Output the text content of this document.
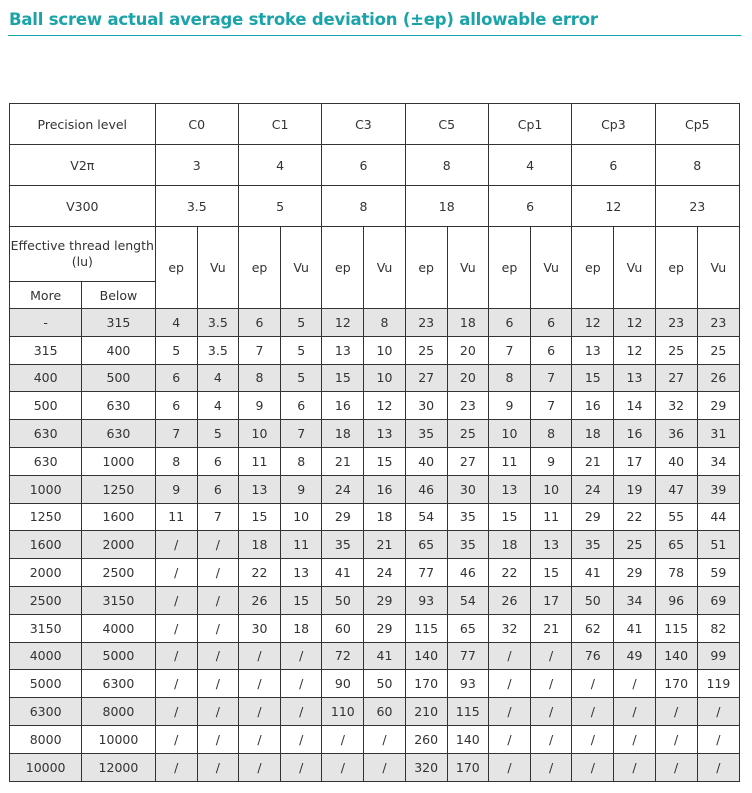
Ball screw actual average stroke deviation (±ep) allowable error
Precision level		C0		C1		C3		C5		Cp1		Cp3		Cp5	
V2π		3		4		6		8		4		6		8	
V300		3.5		5		8		18		6		12		23	
Effective thread length (lu)		ep	Vu	ep	Vu	ep	Vu	ep	Vu	ep	Vu	ep	Vu	ep	Vu
More	Below														
-	315	4	3.5	6	5	12	8	23	18	6	6	12	12	23	23
315	400	5	3.5	7	5	13	10	25	20	7	6	13	12	25	25
400	500	6	4	8	5	15	10	27	20	8	7	15	13	27	26
500	630	6	4	9	6	16	12	30	23	9	7	16	14	32	29
630	630	7	5	10	7	18	13	35	25	10	8	18	16	36	31
630	1000	8	6	11	8	21	15	40	27	11	9	21	17	40	34
1000	1250	9	6	13	9	24	16	46	30	13	10	24	19	47	39
1250	1600	11	7	15	10	29	18	54	35	15	11	29	22	55	44
1600	2000	/	/	18	11	35	21	65	35	18	13	35	25	65	51
2000	2500	/	/	22	13	41	24	77	46	22	15	41	29	78	59
2500	3150	/	/	26	15	50	29	93	54	26	17	50	34	96	69
3150	4000	/	/	30	18	60	29	115	65	32	21	62	41	115	82
4000	5000	/	/	/	/	72	41	140	77	/	/	76	49	140	99
5000	6300	/	/	/	/	90	50	170	93	/	/	/	/	170	119
6300	8000	/	/	/	/	110	60	210	115	/	/	/	/	/	/
8000	10000	/	/	/	/	/	/	260	140	/	/	/	/	/	/
10000	12000	/	/	/	/	/	/	320	170	/	/	/	/	/	/
